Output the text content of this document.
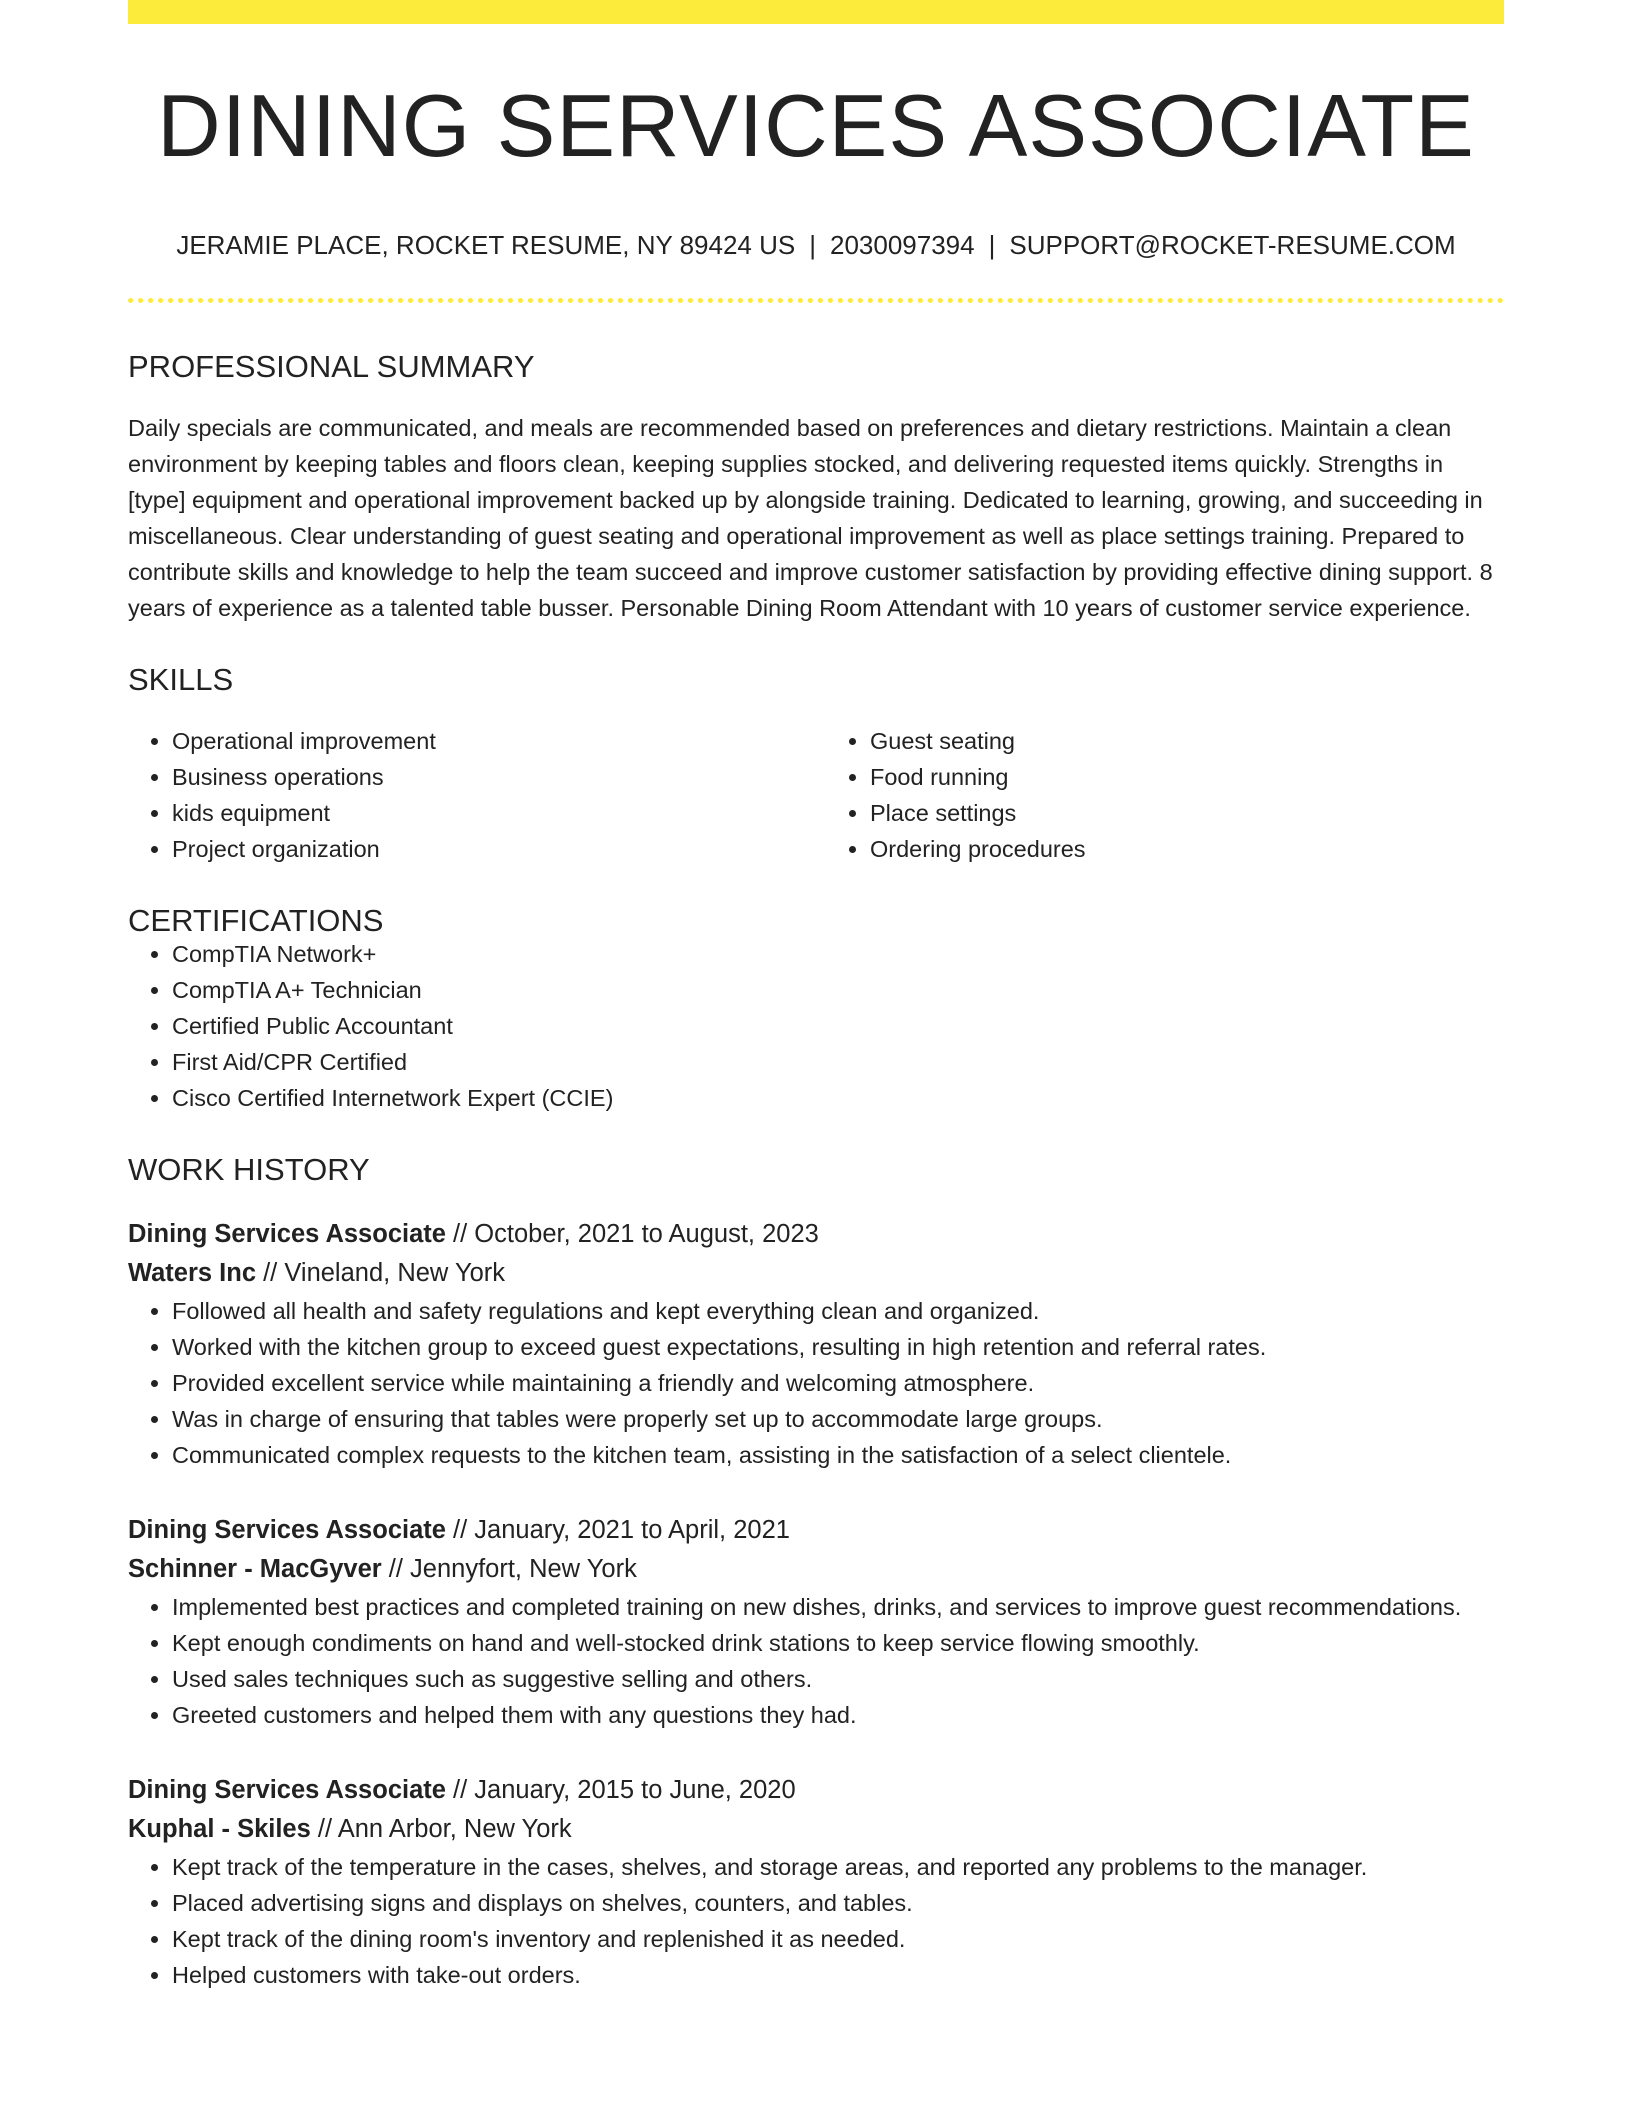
DINING SERVICES ASSOCIATE
JERAMIE PLACE, ROCKET RESUME, NY 89424 US | 2030097394 | SUPPORT@ROCKET-RESUME.COM
PROFESSIONAL SUMMARY
Daily specials are communicated, and meals are recommended based on preferences and dietary restrictions. Maintain a clean environment by keeping tables and floors clean, keeping supplies stocked, and delivering requested items quickly. Strengths in [type] equipment and operational improvement backed up by alongside training. Dedicated to learning, growing, and succeeding in miscellaneous. Clear understanding of guest seating and operational improvement as well as place settings training. Prepared to contribute skills and knowledge to help the team succeed and improve customer satisfaction by providing effective dining support. 8 years of experience as a talented table busser. Personable Dining Room Attendant with 10 years of customer service experience.
SKILLS
• Operational improvement
• Business operations
• kids equipment
• Project organization
• Guest seating
• Food running
• Place settings
• Ordering procedures
CERTIFICATIONS
• CompTIA Network+
• CompTIA A+ Technician
• Certified Public Accountant
• First Aid/CPR Certified
• Cisco Certified Internetwork Expert (CCIE)
WORK HISTORY
Dining Services Associate // October, 2021 to August, 2023
Waters Inc // Vineland, New York
• Followed all health and safety regulations and kept everything clean and organized.
• Worked with the kitchen group to exceed guest expectations, resulting in high retention and referral rates.
• Provided excellent service while maintaining a friendly and welcoming atmosphere.
• Was in charge of ensuring that tables were properly set up to accommodate large groups.
• Communicated complex requests to the kitchen team, assisting in the satisfaction of a select clientele.
Dining Services Associate // January, 2021 to April, 2021
Schinner - MacGyver // Jennyfort, New York
• Implemented best practices and completed training on new dishes, drinks, and services to improve guest recommendations.
• Kept enough condiments on hand and well-stocked drink stations to keep service flowing smoothly.
• Used sales techniques such as suggestive selling and others.
• Greeted customers and helped them with any questions they had.
Dining Services Associate // January, 2015 to June, 2020
Kuphal - Skiles // Ann Arbor, New York
• Kept track of the temperature in the cases, shelves, and storage areas, and reported any problems to the manager.
• Placed advertising signs and displays on shelves, counters, and tables.
• Kept track of the dining room's inventory and replenished it as needed.
• Helped customers with take-out orders.
